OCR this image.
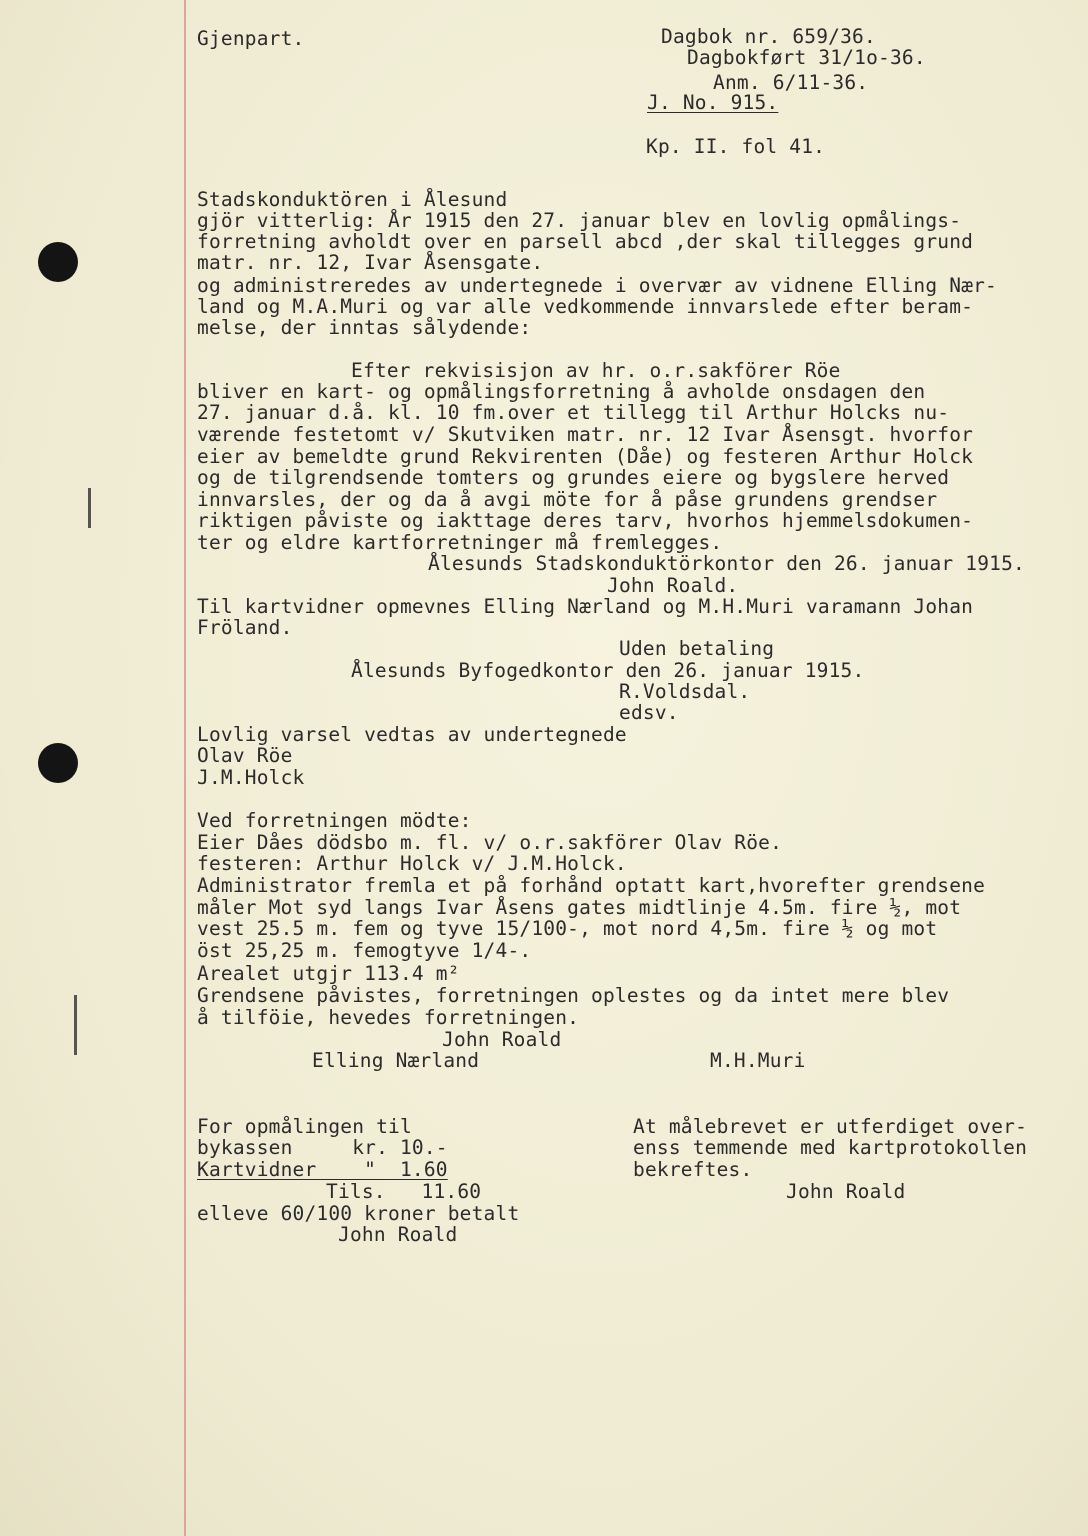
Gjenpart.	Dagbok nr. 659/36.
Dagbokført 31/1o-36.
Anm. 6/11-36.
J. No. 915.
Kp. II. fol 41.
Stadskonduktören i Ålesund
gjör vitterlig: År 1915 den 27. januar blev en lovlig opmålings-
forretning avholdt over en parsell abcd ,der skal tillegges grund
matr. nr. 12, Ivar Åsensgate.
og administreredes av undertegnede i overvær av vidnene Elling Nær-
land og M.A.Muri og var alle vedkommende innvarslede efter beram-
melse, der inntas sålydende:
Efter rekvisisjon av hr. o.r.sakförer Röe
bliver en kart- og opmålingsforretning å avholde onsdagen den
27. januar d.å. kl. 10 fm.over et tillegg til Arthur Holcks nu-
værende festetomt v/ Skutviken matr. nr. 12 Ivar Åsensgt. hvorfor
eier av bemeldte grund Rekvirenten (Dåe) og festeren Arthur Holck
og de tilgrendsende tomters og grundes eiere og bygslere herved
innvarsles, der og da å avgi möte for å påse grundens grendser
riktigen påviste og iakttage deres tarv, hvorhos hjemmelsdokumen-
ter og eldre kartforretninger må fremlegges.
Ålesunds Stadskonduktörkontor den 26. januar 1915.
John Roald.
Til kartvidner opmevnes Elling Nærland og M.H.Muri varamann Johan
Fröland.
Uden betaling
Ålesunds Byfogedkontor den 26. januar 1915.
R.Voldsdal.
edsv.
Lovlig varsel vedtas av undertegnede
Olav Röe
J.M.Holck
Ved forretningen mödte:
Eier Dåes dödsbo m. fl. v/ o.r.sakförer Olav Röe.
festeren: Arthur Holck v/ J.M.Holck.
Administrator fremla et på forhånd optatt kart,hvorefter grendsene
måler Mot syd langs Ivar Åsens gates midtlinje 4.5m. fire ½, mot
vest 25.5 m. fem og tyve 15/100-, mot nord 4,5m. fire ½ og mot
öst 25,25 m. femogtyve 1/4-.
Arealet utgjr 113.4 m²
Grendsene påvistes, forretningen oplestes og da intet mere blev
å tilföie, hevedes forretningen.
John Roald
Elling Nærland	M.H.Muri
For opmålingen til
bykassen     kr. 10.-
Kartvidner    "  1.60
Tils.   11.60
elleve 60/100 kroner betalt
John Roald
At målebrevet er utferdiget over-
enss temmende med kartprotokollen
bekreftes.
John Roald
